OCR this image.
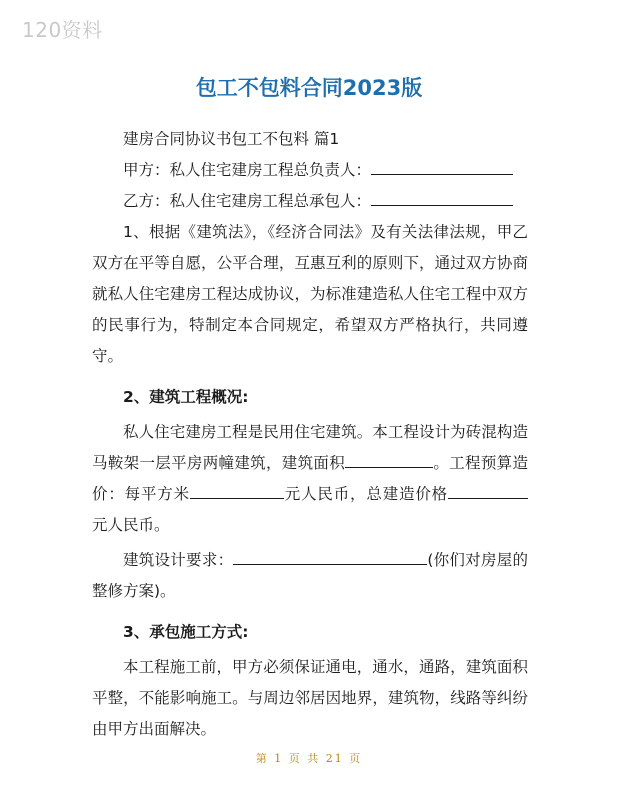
120资料
包工不包料合同2023版

建房合同协议书包工不包料 篇1

甲方：私人住宅建房工程总负责人：

乙方：私人住宅建房工程总承包人：

1、根据《建筑法》，《经济合同法》及有关法律法规，甲乙双方在平等自愿，公平合理，互惠互利的原则下，通过双方协商就私人住宅建房工程达成协议，为标准建造私人住宅工程中双方的民事行为，特制定本合同规定，希望双方严格执行，共同遵守。

2、建筑工程概况:

私人住宅建房工程是民用住宅建筑。本工程设计为砖混构造马鞍架一层平房两幢建筑，建筑面积	。工程预算造价：每平方米	元人民币，总建造价格元人民币。

建筑设计要求：	(你们对房屋的整修方案)。

3、承包施工方式:

本工程施工前，甲方必须保证通电，通水，通路，建筑面积平整，不能影响施工。与周边邻居因地界，建筑物，线路等纠纷由甲方出面解决。

第 1 页 共 21 页
